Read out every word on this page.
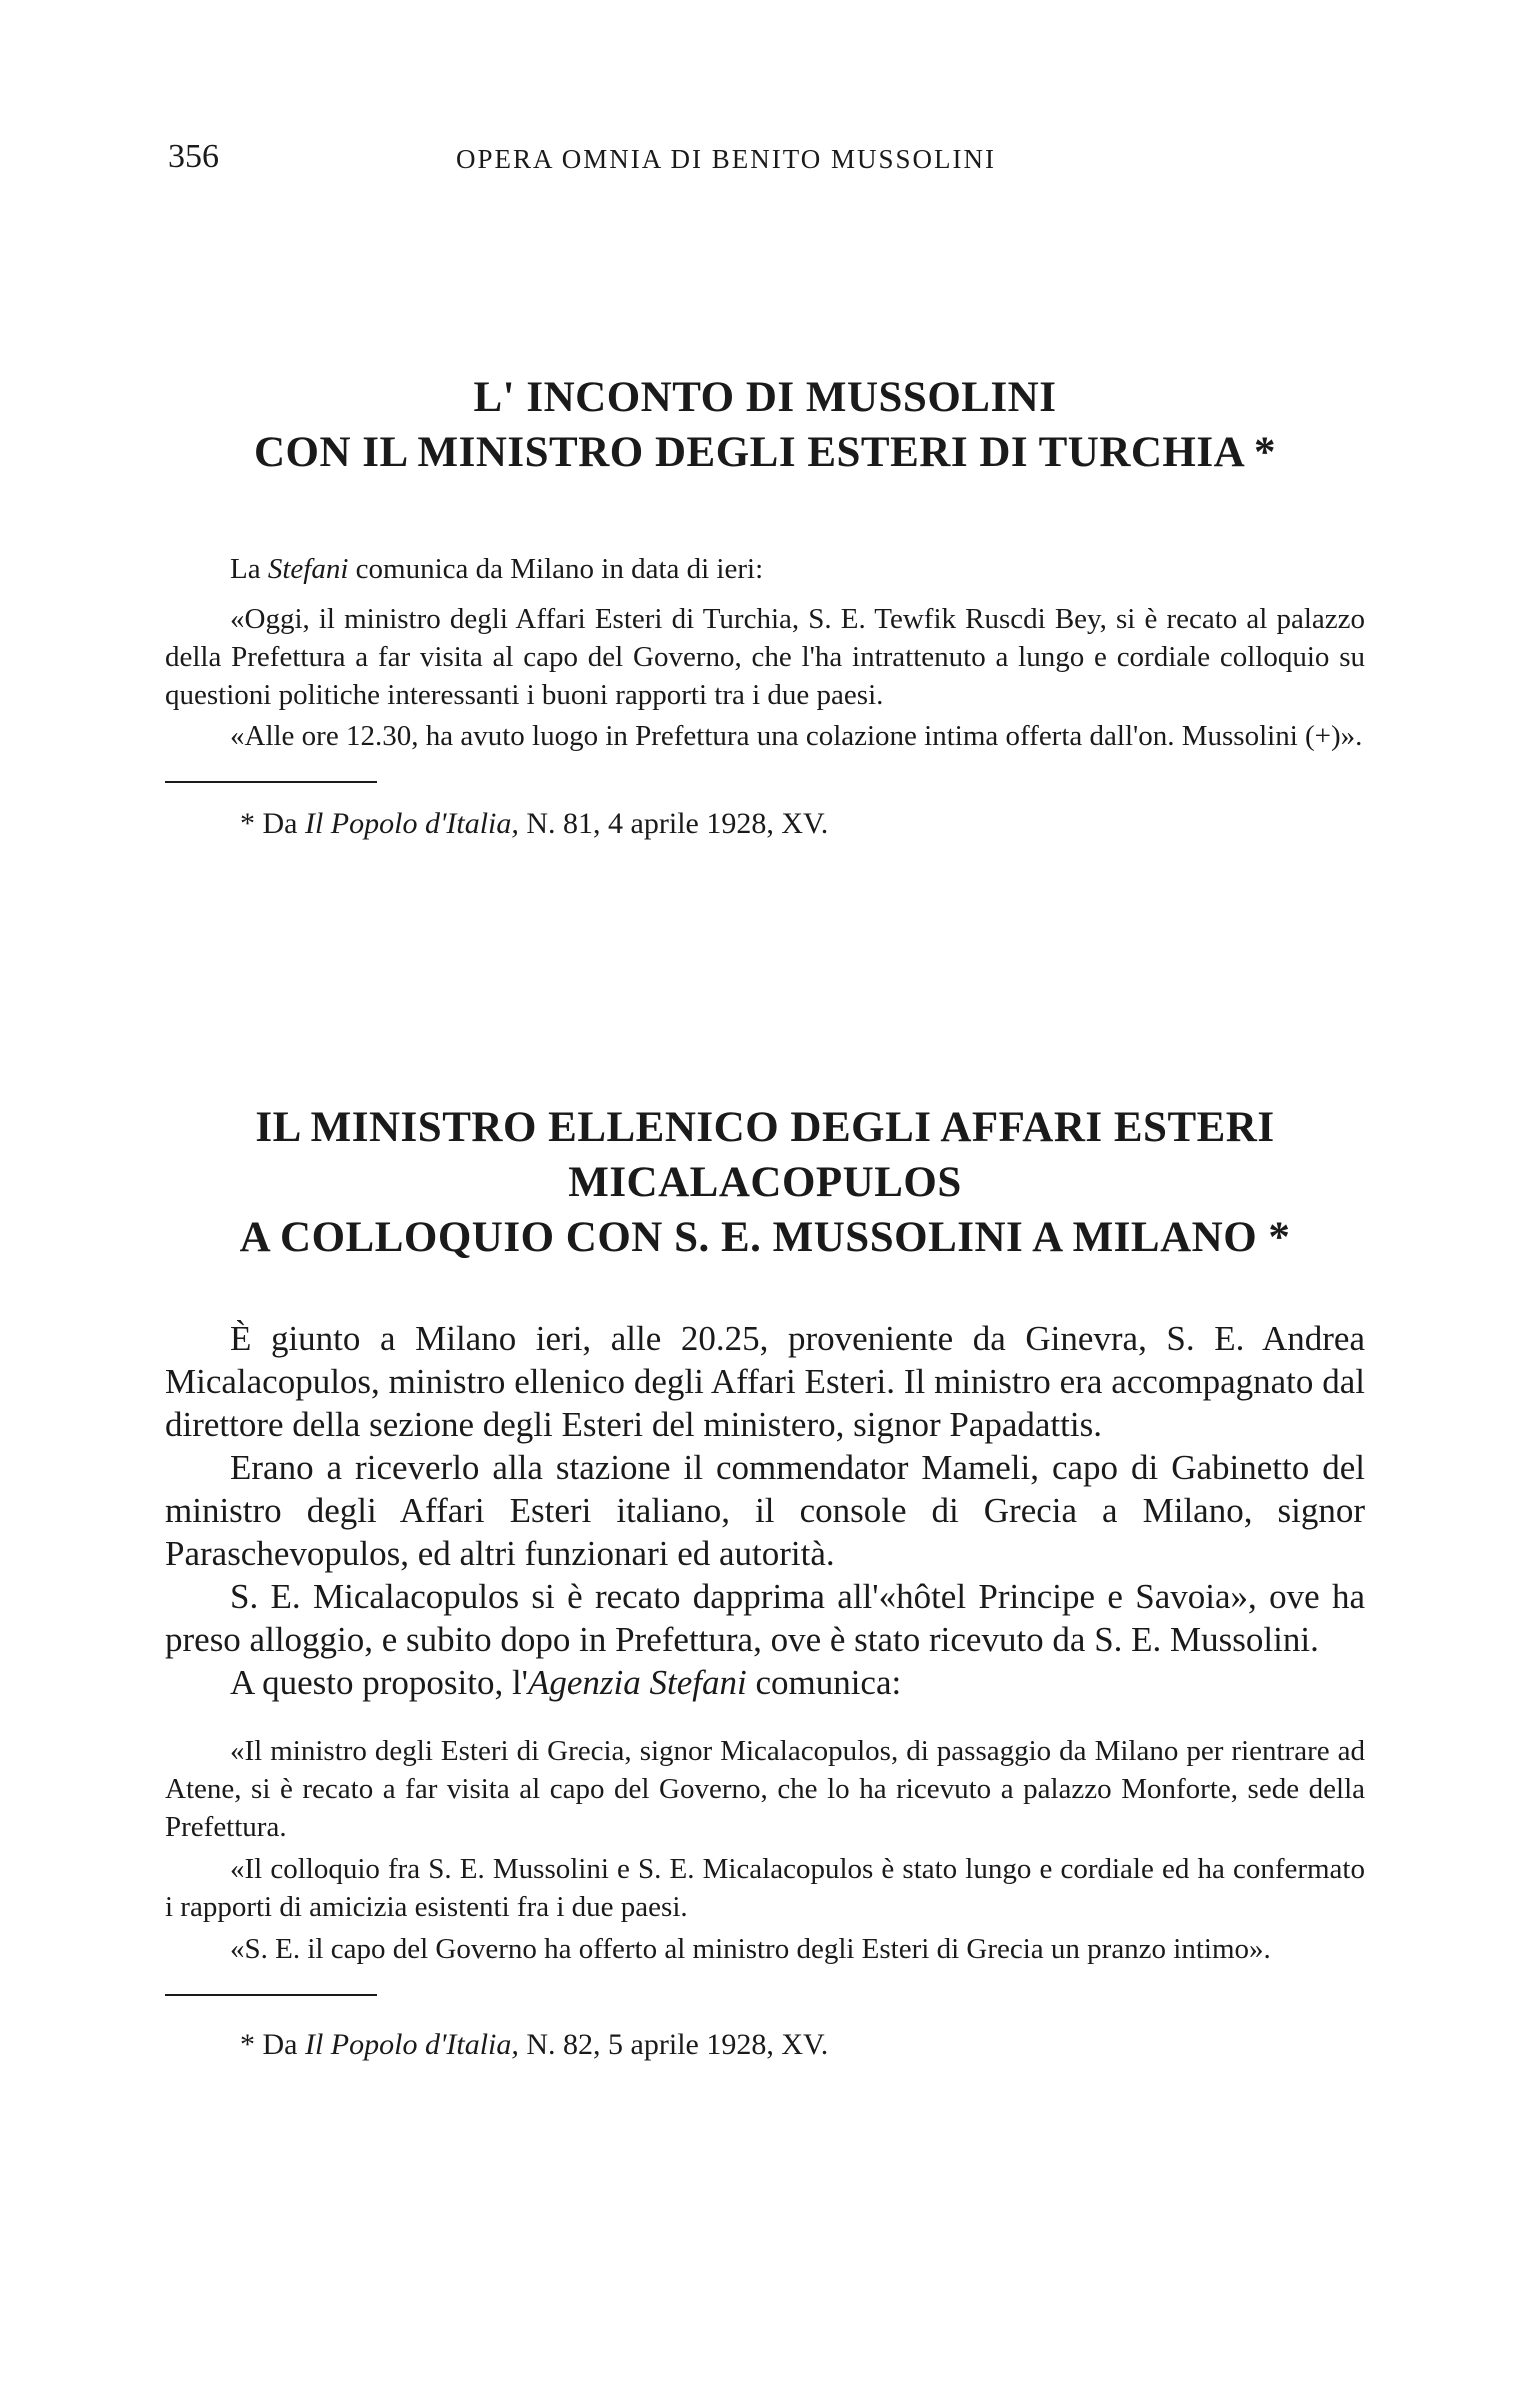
356	OPERA OMNIA DI BENITO MUSSOLINI
L' INCONTO DI MUSSOLINI
CON IL MINISTRO DEGLI ESTERI DI TURCHIA *

La Stefani comunica da Milano in data di ieri:

«Oggi, il ministro degli Affari Esteri di Turchia, S. E. Tewfik Ruscdi Bey, si è recato al palazzo della Prefettura a far visita al capo del Governo, che l'ha intrattenuto a lungo e cordiale colloquio su questioni politiche interessanti i buoni rapporti tra i due paesi.

«Alle ore 12.30, ha avuto luogo in Prefettura una colazione intima offerta dall'on. Mussolini (+)».

* Da Il Popolo d'Italia, N. 81, 4 aprile 1928, XV.

IL MINISTRO ELLENICO DEGLI AFFARI ESTERI
MICALACOPULOS
A COLLOQUIO CON S. E. MUSSOLINI A MILANO *

È giunto a Milano ieri, alle 20.25, proveniente da Ginevra, S. E. Andrea Micalacopulos, ministro ellenico degli Affari Esteri. Il ministro era accompagnato dal direttore della sezione degli Esteri del ministero, signor Papadattis.

Erano a riceverlo alla stazione il commendator Mameli, capo di Gabinetto del ministro degli Affari Esteri italiano, il console di Grecia a Milano, signor Paraschevopulos, ed altri funzionari ed autorità.

S. E. Micalacopulos si è recato dapprima all'«hôtel Principe e Savoia», ove ha preso alloggio, e subito dopo in Prefettura, ove è stato ricevuto da S. E. Mussolini.

A questo proposito, l'Agenzia Stefani comunica:

«Il ministro degli Esteri di Grecia, signor Micalacopulos, di passaggio da Milano per rientrare ad Atene, si è recato a far visita al capo del Governo, che lo ha ricevuto a palazzo Monforte, sede della Prefettura.

«Il colloquio fra S. E. Mussolini e S. E. Micalacopulos è stato lungo e cordiale ed ha confermato i rapporti di amicizia esistenti fra i due paesi.

«S. E. il capo del Governo ha offerto al ministro degli Esteri di Grecia un pranzo intimo».

* Da Il Popolo d'Italia, N. 82, 5 aprile 1928, XV.
